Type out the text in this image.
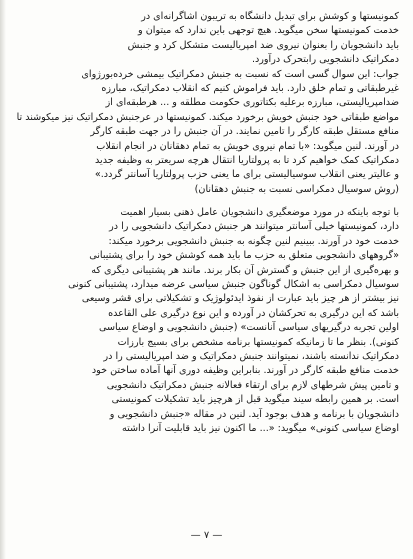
کمونیستها و کوشش برای تبدیل دانشگاه به تریبون اشاگرانه‌ای در
خدمت کمونیستها سخن میگوید. هیچ توجهی باین ندارد که میتوان و
باید دانشجویان را بعنوان نیروی ضد امپریالیست متشکل کرد و جنبش
دمکراتیک دانشجویی رابتحرک درآورد.
جواب: این سوال گسی است که نسبت به جنبش دمکراتیک بیمشی خرده‌بورژوای
غیرطبقاتی و تمام خلق دارد. باید فراموش کنیم که انقلاب دمکراتیک، مبارزه
ضدامپریالیستی، مبارزه برعلیه بکتاتوری حکومت مطلقه و ... هرطبقه‌ای از
مواضع طبقاتی خود جنبش خویش برخورد میکند. کمونیستها در عرجنبش دمکراتیک نیز میکوشند تا
منافع مستقل طبقه کارگر را تامین نمایند. در آن جنبش را در جهت طبقه کارگر
در آورند. لنین میگوید: «با تمام نیروی خویش به تمام دهقانان در انجام انقلاب
دمکراتیک کمک خواهیم کرد تا به پرولتاریا انتقال هرچه سریعتر به وظیفه جدید
و عالیتر یعنی انقلاب سوسیالیستی برای ما یعنی حزب پرولتاریا آسانتر گردد.»
(روش سوسیال دمکراسی نسبت به جنبش دهقانان)
با توجه باینکه در مورد موضعگیری دانشجویان عامل ذهنی بسیار اهمیت
دارد، کمونیستها خیلی آسانتر میتوانند هر جنبش دمکراتیک دانشجویی را در
خدمت خود در آورند. ببینیم لنین چگونه به جنبش دانشجویی برخورد میکند:
«گروههای دانشجویی متعلق به حزب ما باید همه کوشش خود را برای پشتیبانی
و بهره‌گیری از این جنبش و گسترش آن بکار برند. مانند هر پشتیبانی دیگری که
سوسیال دمکراسی به اشکال گوناگون جنبش سیاسی عرضه میدارد، پشتیبانی کنونی
نیز بیشتر از هر چیز باید عبارت از نفوذ ایدئولوژیک و تشکیلاتی برای قشر وسیعی
باشد که این درگیری به تحرکشان در آورده و این نوع درگیری علی القاعده
اولین تجربه درگیریهای سیاسی آنانست» (جنبش دانشجویی و اوضاع سیاسی
کنونی). بنظر ما تا زمانیکه کمونیستها برنامه مشخص برای بسیج بارزات
دمکراتیک ندانسته باشند، نمیتوانند جنبش دمکراتیک و ضد امپریالیستی را در
خدمت منافع طبقه کارگر در آورند. بنابراین وظیفه دوری آنها آماده ساختن خود
و تامین پیش شرطهای لازم برای ارتقاء فعالانه جنبش دمکراتیک دانشجویی
است. بر همین رابطه سیند میگوید قبل از هرچیز باید تشکیلات کمونیستی
دانشجویان با برنامه و هدف بوجود آید. لنین در مقاله «جنبش دانشجویی و
اوضاع سیاسی کنونی» میگوید: «... ما اکنون نیز باید قابلیت آنرا داشته
— ۷ —
